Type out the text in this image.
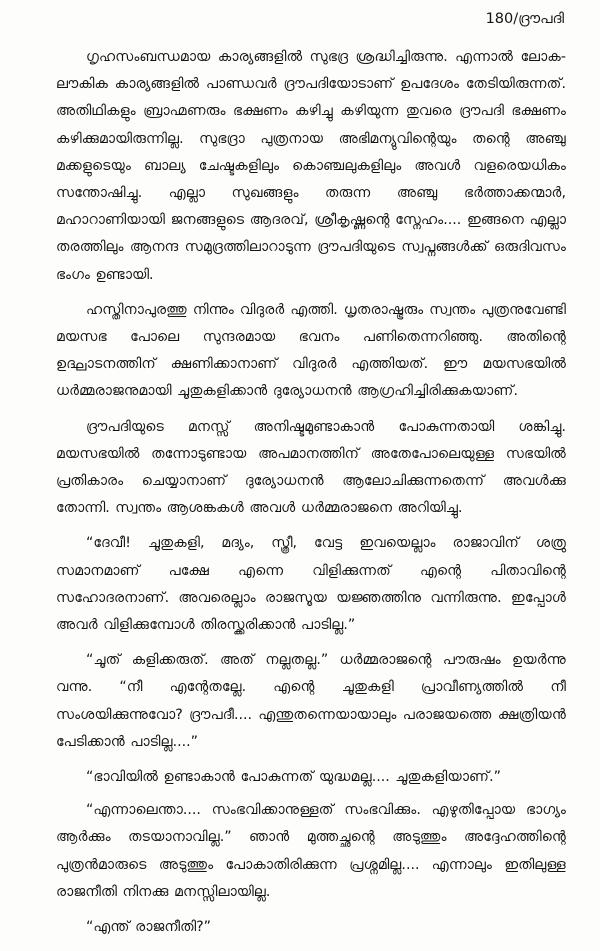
180/ദ്രൗപദി

ഗൃഹസംബന്ധമായ കാര്യങ്ങളിൽ സുഭദ്ര ശ്രദ്ധിച്ചിരുന്നു. എന്നാൽ ലോക-ലൗകിക കാര്യങ്ങളിൽ പാണ്ഡവർ ദ്രൗപദിയോടാണ് ഉപദേശം തേടിയിരുന്നത്. അതിഥികളും ബ്രാഹ്മണരും ഭക്ഷണം കഴിച്ചു കഴിയുന്ന തുവരെ ദ്രൗപദി ഭക്ഷണം കഴിക്കുമായിരുന്നില്ല. സുഭദ്രാ പുത്രനായ അഭിമന്യുവിന്റെയും തന്റെ അഞ്ചു മക്കളുടെയും ബാല്യ ചേഷ്ടകളിലും കൊഞ്ചലുകളിലും അവൾ വളരെയധികം സന്തോഷിച്ചു. എല്ലാ സുഖങ്ങളും തരുന്ന അഞ്ചു ഭർത്താക്കന്മാർ, മഹാറാണിയായി ജനങ്ങളുടെ ആദരവ്, ശ്രീകൃഷ്ണന്റെ സ്നേഹം.... ഇങ്ങനെ എല്ലാ തരത്തിലും ആനന്ദ സമുദ്രത്തിലാറാടുന്ന ദ്രൗപദിയുടെ സ്വപ്നങ്ങൾക്ക് ഒരുദിവസം ഭംഗം ഉണ്ടായി.

ഹസ്തിനാപുരത്തു നിന്നും വിദുരർ എത്തി. ധൃതരാഷ്ട്രരും സ്വന്തം പുത്രനുവേണ്ടി മയസഭ പോലെ സുന്ദരമായ ഭവനം പണിതെന്നറിഞ്ഞു. അതിന്റെ ഉദ്ഘാടനത്തിന് ക്ഷണിക്കാനാണ് വിദുരർ എത്തിയത്. ഈ മയസഭയിൽ ധർമ്മരാജനുമായി ചൂതുകളിക്കാൻ ദുര്യോധനൻ ആഗ്രഹിച്ചിരിക്കുകയാണ്.

ദ്രൗപദിയുടെ മനസ്സ് അനിഷ്ടമുണ്ടാകാൻ പോകുന്നതായി ശങ്കിച്ചു. മയസഭയിൽ തന്നോടുണ്ടായ അപമാനത്തിന് അതേപോലെയുള്ള സഭയിൽ പ്രതികാരം ചെയ്യാനാണ് ദുര്യോധനൻ ആലോചിക്കുന്നതെന്ന് അവൾക്കു തോന്നി. സ്വന്തം ആശങ്കകൾ അവൾ ധർമ്മരാജനെ അറിയിച്ചു.

“ദേവീ! ചൂതുകളി, മദ്യം, സ്ത്രീ, വേട്ട ഇവയെല്ലാം രാജാവിന് ശത്രു സമാനമാണ് പക്ഷേ എന്നെ വിളിക്കുന്നത് എന്റെ പിതാവിന്റെ സഹോദരനാണ്. അവരെല്ലാം രാജസൂയ യജ്ഞത്തിനു വന്നിരുന്നു. ഇപ്പോൾ അവർ വിളിക്കുമ്പോൾ തിരസ്ക്കരിക്കാൻ പാടില്ല.”

“ചൂത് കളിക്കരുത്. അത് നല്ലതല്ല.” ധർമ്മരാജന്റെ പൗരുഷം ഉയർന്നു വന്നു. “നീ എന്റേതല്ലേ. എന്റെ ചൂതുകളി പ്രാവീണ്യത്തിൽ നീ സംശയിക്കുന്നുവോ? ദ്രൗപദീ.... എന്തുതന്നെയായാലും പരാജയത്തെ ക്ഷത്രിയൻ പേടിക്കാൻ പാടില്ല....”

“ഭാവിയിൽ ഉണ്ടാകാൻ പോകുന്നത് യുദ്ധമല്ല.... ചൂതുകളിയാണ്.”

“എന്നാലെന്താ.... സംഭവിക്കാനുള്ളത് സംഭവിക്കും. എഴുതിപ്പോയ ഭാഗ്യം ആർക്കും തടയാനാവില്ല.” ഞാൻ മുത്തച്ഛന്റെ അടുത്തും അദ്ദേഹത്തിന്റെ പുത്രൻമാരുടെ അടുത്തും പോകാതിരിക്കുന്ന പ്രശ്നമില്ല.... എന്നാലും ഇതിലുള്ള രാജനീതി നിനക്കു മനസ്സിലായില്ല.

“എന്ത് രാജനീതി?”
